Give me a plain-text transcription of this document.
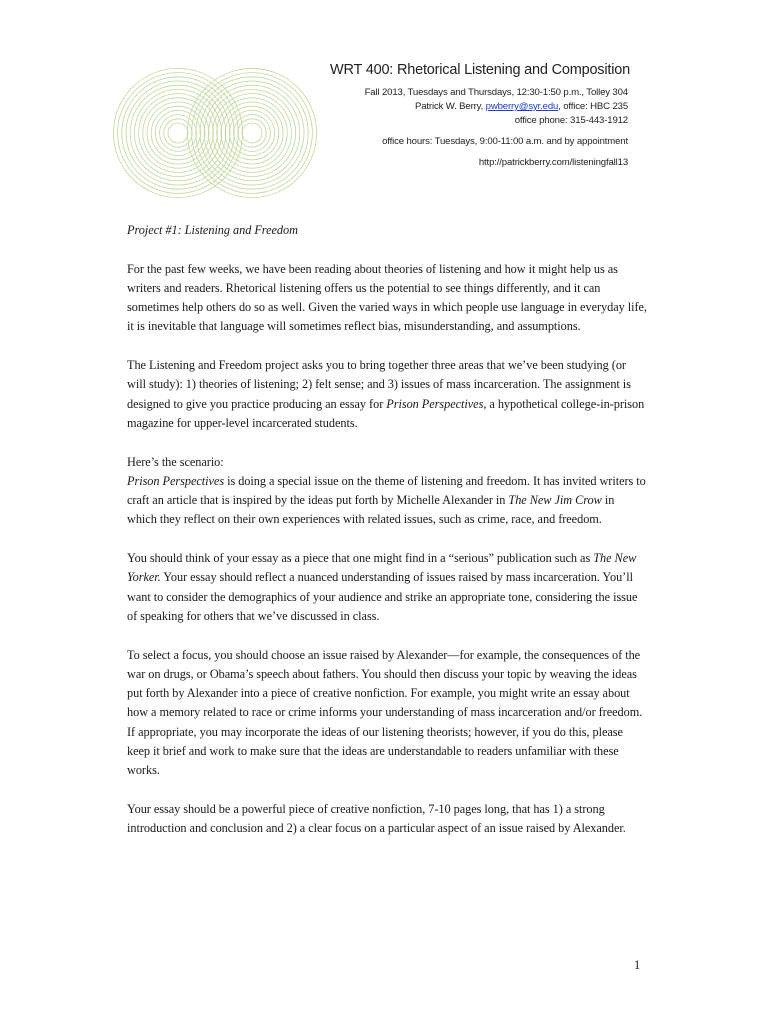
WRT 400: Rhetorical Listening and Composition
Fall 2013, Tuesdays and Thursdays, 12:30-1:50 p.m., Tolley 304
Patrick W. Berry, pwberry@syr.edu, office: HBC 235
office phone: 315-443-1912
office hours: Tuesdays, 9:00-11:00 a.m. and by appointment
http://patrickberry.com/listeningfall13

Project #1: Listening and Freedom

For the past few weeks, we have been reading about theories of listening and how it might help us as writers and readers. Rhetorical listening offers us the potential to see things differently, and it can sometimes help others do so as well. Given the varied ways in which people use language in everyday life, it is inevitable that language will sometimes reflect bias, misunderstanding, and assumptions.

The Listening and Freedom project asks you to bring together three areas that we’ve been studying (or will study): 1) theories of listening; 2) felt sense; and 3) issues of mass incarceration. The assignment is designed to give you practice producing an essay for Prison Perspectives, a hypothetical college-in-prison magazine for upper-level incarcerated students.

Here’s the scenario:
Prison Perspectives is doing a special issue on the theme of listening and freedom. It has invited writers to craft an article that is inspired by the ideas put forth by Michelle Alexander in The New Jim Crow in which they reflect on their own experiences with related issues, such as crime, race, and freedom.

You should think of your essay as a piece that one might find in a “serious” publication such as The New Yorker. Your essay should reflect a nuanced understanding of issues raised by mass incarceration. You’ll want to consider the demographics of your audience and strike an appropriate tone, considering the issue of speaking for others that we’ve discussed in class.

To select a focus, you should choose an issue raised by Alexander—for example, the consequences of the war on drugs, or Obama’s speech about fathers. You should then discuss your topic by weaving the ideas put forth by Alexander into a piece of creative nonfiction. For example, you might write an essay about how a memory related to race or crime informs your understanding of mass incarceration and/or freedom. If appropriate, you may incorporate the ideas of our listening theorists; however, if you do this, please keep it brief and work to make sure that the ideas are understandable to readers unfamiliar with these works.

Your essay should be a powerful piece of creative nonfiction, 7-10 pages long, that has 1) a strong introduction and conclusion and 2) a clear focus on a particular aspect of an issue raised by Alexander.

1
